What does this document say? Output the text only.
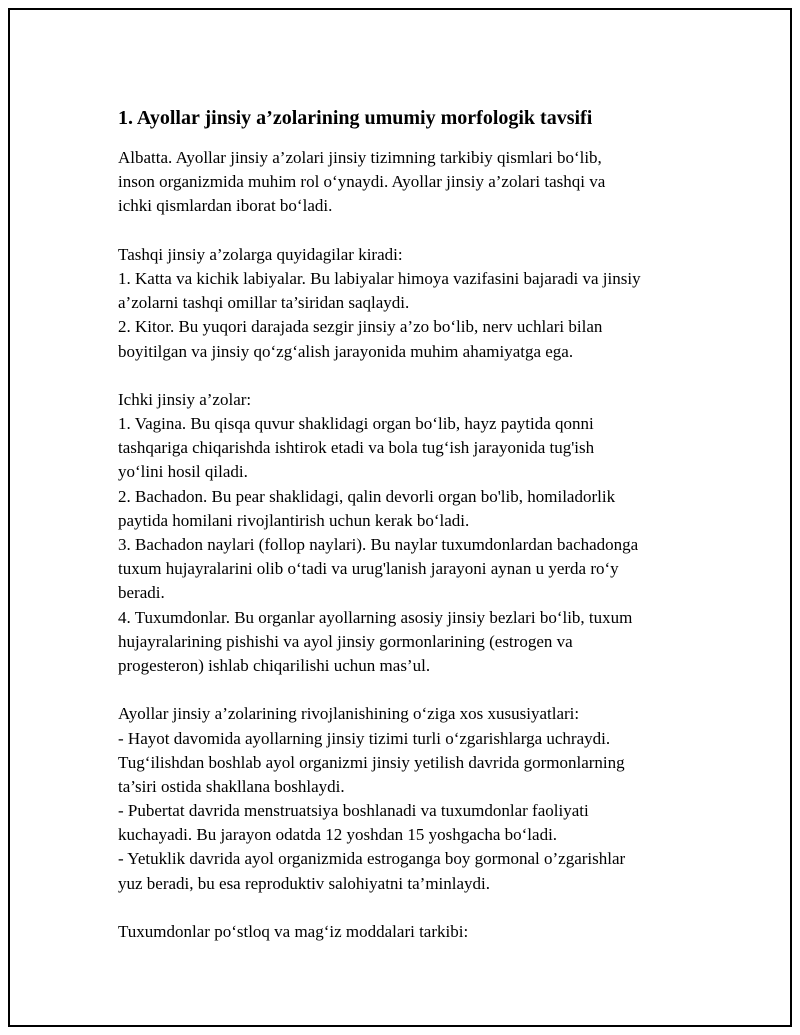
1. Ayollar jinsiy a’zolarining umumiy morfologik tavsifi
Albatta. Ayollar jinsiy a’zolari jinsiy tizimning tarkibiy qismlari bo‘lib,
inson organizmida muhim rol o‘ynaydi. Ayollar jinsiy a’zolari tashqi va
ichki qismlardan iborat bo‘ladi.
Tashqi jinsiy a’zolarga quyidagilar kiradi:
1. Katta va kichik labiyalar. Bu labiyalar himoya vazifasini bajaradi va jinsiy
a’zolarni tashqi omillar ta’siridan saqlaydi.
2. Kitor. Bu yuqori darajada sezgir jinsiy a’zo bo‘lib, nerv uchlari bilan
boyitilgan va jinsiy qo‘zg‘alish jarayonida muhim ahamiyatga ega.
Ichki jinsiy a’zolar:
1. Vagina. Bu qisqa quvur shaklidagi organ bo‘lib, hayz paytida qonni
tashqariga chiqarishda ishtirok etadi va bola tug‘ish jarayonida tug'ish
yo‘lini hosil qiladi.
2. Bachadon. Bu pear shaklidagi, qalin devorli organ bo'lib, homiladorlik
paytida homilani rivojlantirish uchun kerak bo‘ladi.
3. Bachadon naylari (follop naylari). Bu naylar tuxumdonlardan bachadonga
tuxum hujayralarini olib o‘tadi va urug'lanish jarayoni aynan u yerda ro‘y
beradi.
4. Tuxumdonlar. Bu organlar ayollarning asosiy jinsiy bezlari bo‘lib, tuxum
hujayralarining pishishi va ayol jinsiy gormonlarining (estrogen va
progesteron) ishlab chiqarilishi uchun mas’ul.
Ayollar jinsiy a’zolarining rivojlanishining o‘ziga xos xususiyatlari:
- Hayot davomida ayollarning jinsiy tizimi turli o‘zgarishlarga uchraydi.
Tug‘ilishdan boshlab ayol organizmi jinsiy yetilish davrida gormonlarning
ta’siri ostida shakllana boshlaydi.
- Pubertat davrida menstruatsiya boshlanadi va tuxumdonlar faoliyati
kuchayadi. Bu jarayon odatda 12 yoshdan 15 yoshgacha bo‘ladi.
- Yetuklik davrida ayol organizmida estroganga boy gormonal o’zgarishlar
yuz beradi, bu esa reproduktiv salohiyatni ta’minlaydi.
Tuxumdonlar po‘stloq va mag‘iz moddalari tarkibi:
